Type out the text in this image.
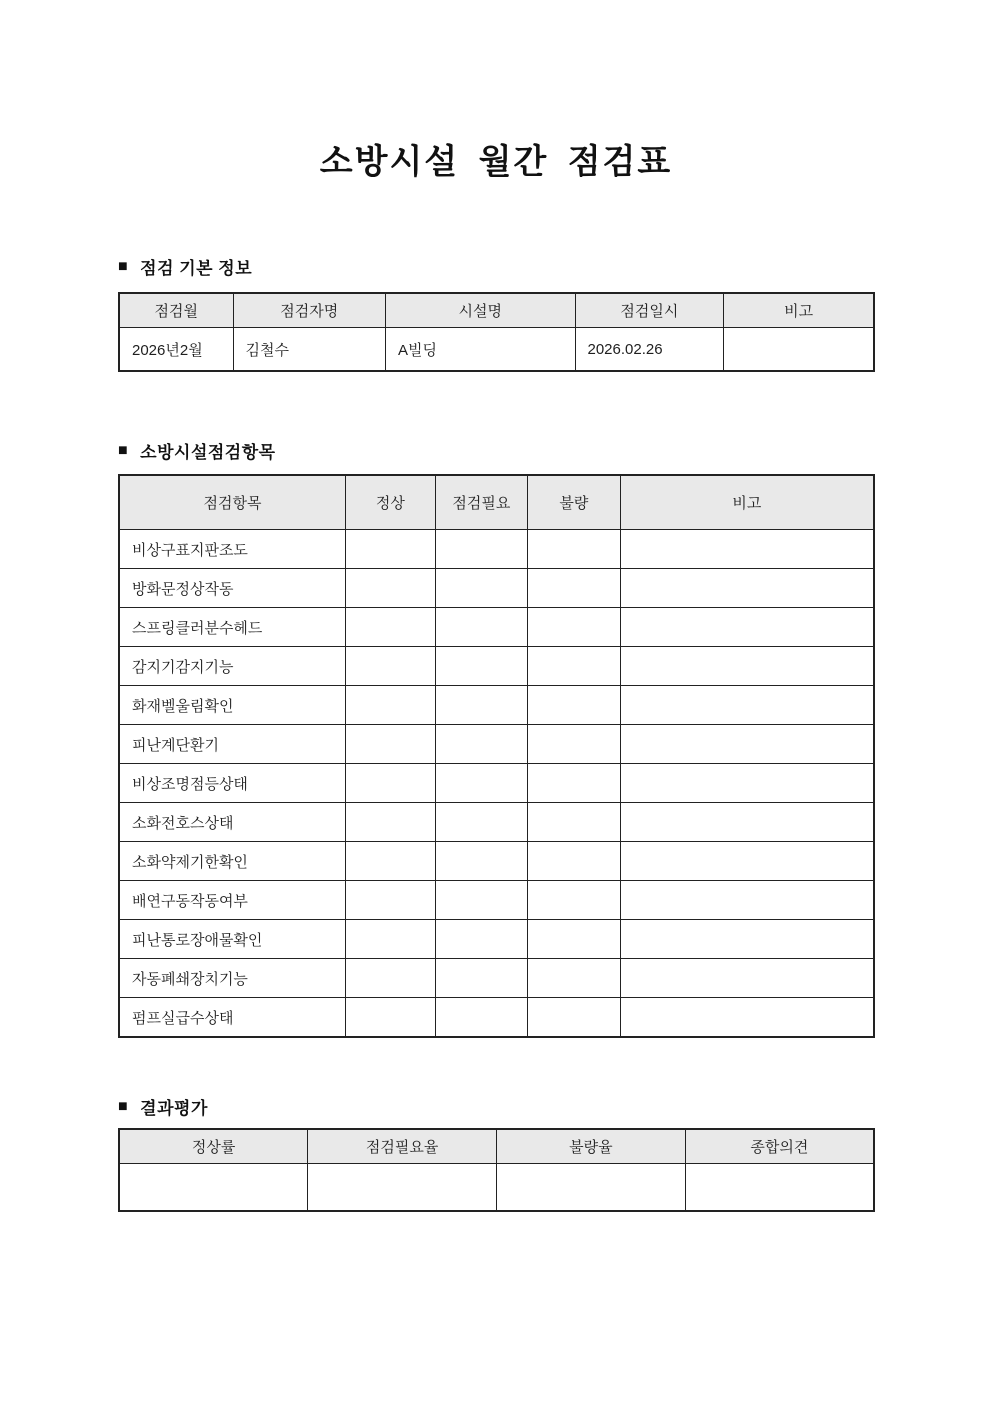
소방시설 월간 점검표
■ 점검 기본 정보
점검월	점검자명	시설명	점검일시	비고
2026년2월	김철수	A빌딩	2026.02.26	
■ 소방시설점검항목
점검항목	정상	점검필요	불량	비고
비상구표지판조도				
방화문정상작동				
스프링클러분수헤드				
감지기감지기능				
화재벨울림확인				
피난계단환기				
비상조명점등상태				
소화전호스상태				
소화약제기한확인				
배연구동작동여부				
피난통로장애물확인				
자동폐쇄장치기능				
펌프실급수상태				
■ 결과평가
정상률	점검필요율	불량율	종합의견
